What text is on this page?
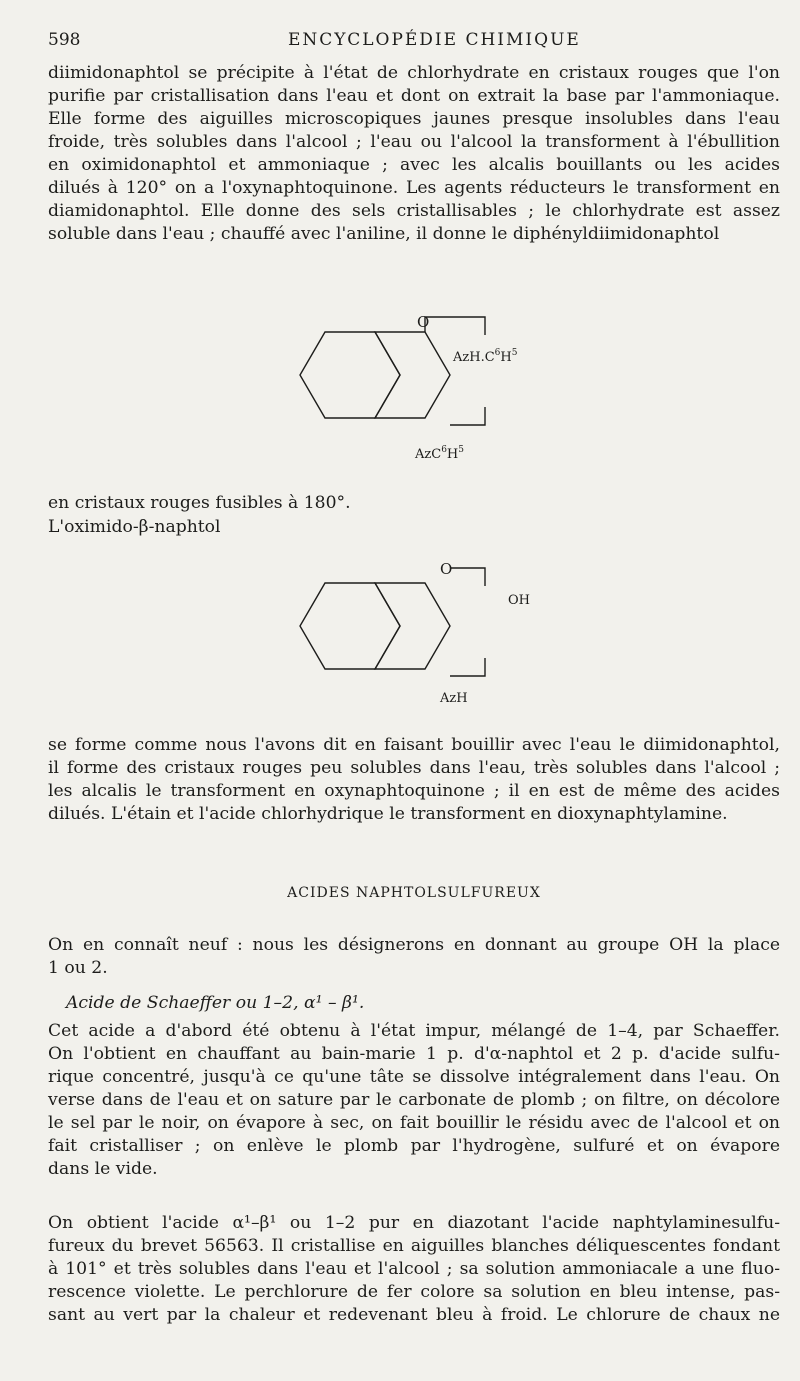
598	ENCYCLOPÉDIE CHIMIQUE
diimidonaphtol se précipite à l'état de chlorhydrate en cristaux rouges que l'on
purifie par cristallisation dans l'eau et dont on extrait la base par l'ammoniaque.
Elle forme des aiguilles microscopiques jaunes presque insolubles dans l'eau
froide, très solubles dans l'alcool ; l'eau ou l'alcool la transforment à l'ébullition
en oximidonaphtol et ammoniaque ; avec les alcalis bouillants ou les acides
dilués à 120° on a l'oxynaphtoquinone. Les agents réducteurs le transforment en
diamidonaphtol. Elle donne des sels cristallisables ; le chlorhydrate est assez
soluble dans l'eau ; chauffé avec l'aniline, il donne le diphényldiimidonaphtol
O
$AzH.C^6H^5$
$AzC^6H^5$
en cristaux rouges fusibles à 180°.
L'oximido-β-naphtol
O
OH
AzH
se forme comme nous l'avons dit en faisant bouillir avec l'eau le diimidonaphtol,
il forme des cristaux rouges peu solubles dans l'eau, très solubles dans l'alcool ;
les alcalis le transforment en oxynaphtoquinone ; il en est de même des acides
dilués. L'étain et l'acide chlorhydrique le transforment en dioxynaphtylamine.
ACIDES NAPHTOLSULFUREUX
On en connaît neuf : nous les désignerons en donnant au groupe OH la place
1 ou 2.
Acide de Schaeffer ou 1–2, α¹ – β¹.
Cet acide a d'abord été obtenu à l'état impur, mélangé de 1–4, par Schaeffer.
On l'obtient en chauffant au bain-marie 1 p. d'α-naphtol et 2 p. d'acide sulfu-
rique concentré, jusqu'à ce qu'une tâte se dissolve intégralement dans l'eau. On
verse dans de l'eau et on sature par le carbonate de plomb ; on filtre, on décolore
le sel par le noir, on évapore à sec, on fait bouillir le résidu avec de l'alcool et on
fait cristalliser ; on enlève le plomb par l'hydrogène, sulfuré et on évapore
dans le vide.
On obtient l'acide α¹–β¹ ou 1–2 pur en diazotant l'acide naphtylaminesulfu-
fureux du brevet 56563. Il cristallise en aiguilles blanches déliquescentes fondant
à 101° et très solubles dans l'eau et l'alcool ; sa solution ammoniacale a une fluo-
rescence violette. Le perchlorure de fer colore sa solution en bleu intense, pas-
sant au vert par la chaleur et redevenant bleu à froid. Le chlorure de chaux ne
